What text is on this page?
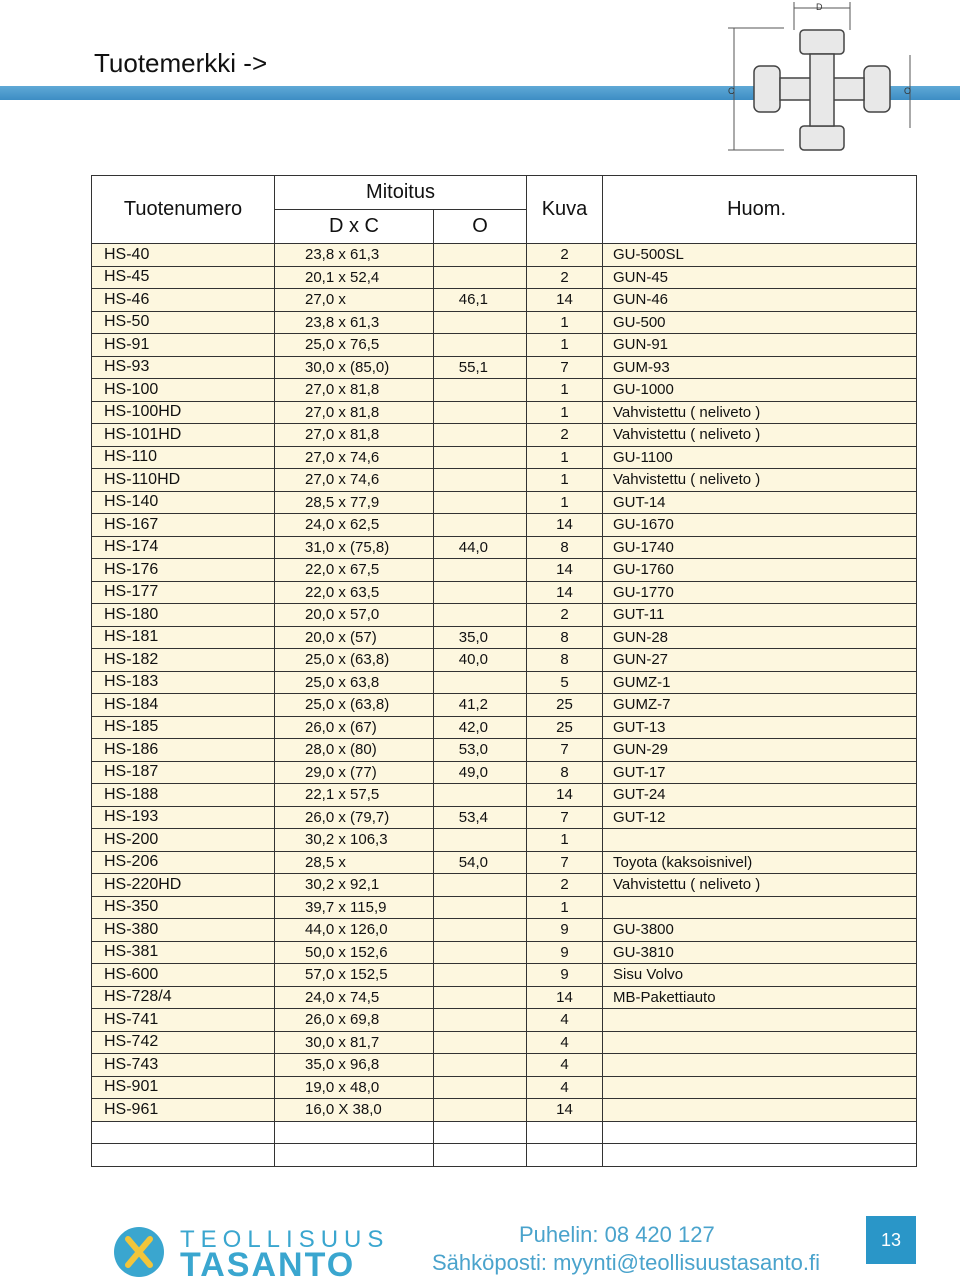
Tuotemerkki ->
D
C	O
Tuotenumero	Mitoitus		Kuva	Huom.
	D x C	O		
HS-40	23,8 x 61,3		2	GU-500SL
HS-45	20,1 x 52,4		2	GUN-45
HS-46	27,0 x	46,1	14	GUN-46
HS-50	23,8 x 61,3		1	GU-500
HS-91	25,0 x 76,5		1	GUN-91
HS-93	30,0 x (85,0)	55,1	7	GUM-93
HS-100	27,0 x 81,8		1	GU-1000
HS-100HD	27,0 x 81,8		1	Vahvistettu ( neliveto )
HS-101HD	27,0 x 81,8		2	Vahvistettu ( neliveto )
HS-110	27,0 x 74,6		1	GU-1100
HS-110HD	27,0 x 74,6		1	Vahvistettu ( neliveto )
HS-140	28,5 x 77,9		1	GUT-14
HS-167	24,0 x 62,5		14	GU-1670
HS-174	31,0 x (75,8)	44,0	8	GU-1740
HS-176	22,0 x 67,5		14	GU-1760
HS-177	22,0 x 63,5		14	GU-1770
HS-180	20,0 x 57,0		2	GUT-11
HS-181	20,0 x (57)	35,0	8	GUN-28
HS-182	25,0 x (63,8)	40,0	8	GUN-27
HS-183	25,0 x 63,8		5	GUMZ-1
HS-184	25,0 x (63,8)	41,2	25	GUMZ-7
HS-185	26,0 x (67)	42,0	25	GUT-13
HS-186	28,0 x (80)	53,0	7	GUN-29
HS-187	29,0 x (77)	49,0	8	GUT-17
HS-188	22,1 x 57,5		14	GUT-24
HS-193	26,0 x (79,7)	53,4	7	GUT-12
HS-200	30,2 x 106,3		1	
HS-206	28,5 x	54,0	7	Toyota (kaksoisnivel)
HS-220HD	30,2 x 92,1		2	Vahvistettu ( neliveto )
HS-350	39,7 x 115,9		1	
HS-380	44,0 x 126,0		9	GU-3800
HS-381	50,0 x 152,6		9	GU-3810
HS-600	57,0 x 152,5		9	Sisu Volvo
HS-728/4	24,0 x 74,5		14	MB-Pakettiauto
HS-741	26,0 x 69,8		4	
HS-742	30,0 x 81,7		4	
HS-743	35,0 x 96,8		4	
HS-901	19,0 x 48,0		4	
HS-961	16,0 X 38,0		14	

TEOLLISUUS
TASANTO
Puhelin: 08 420 127
Sähköposti: myynti@teollisuustasanto.fi
13
